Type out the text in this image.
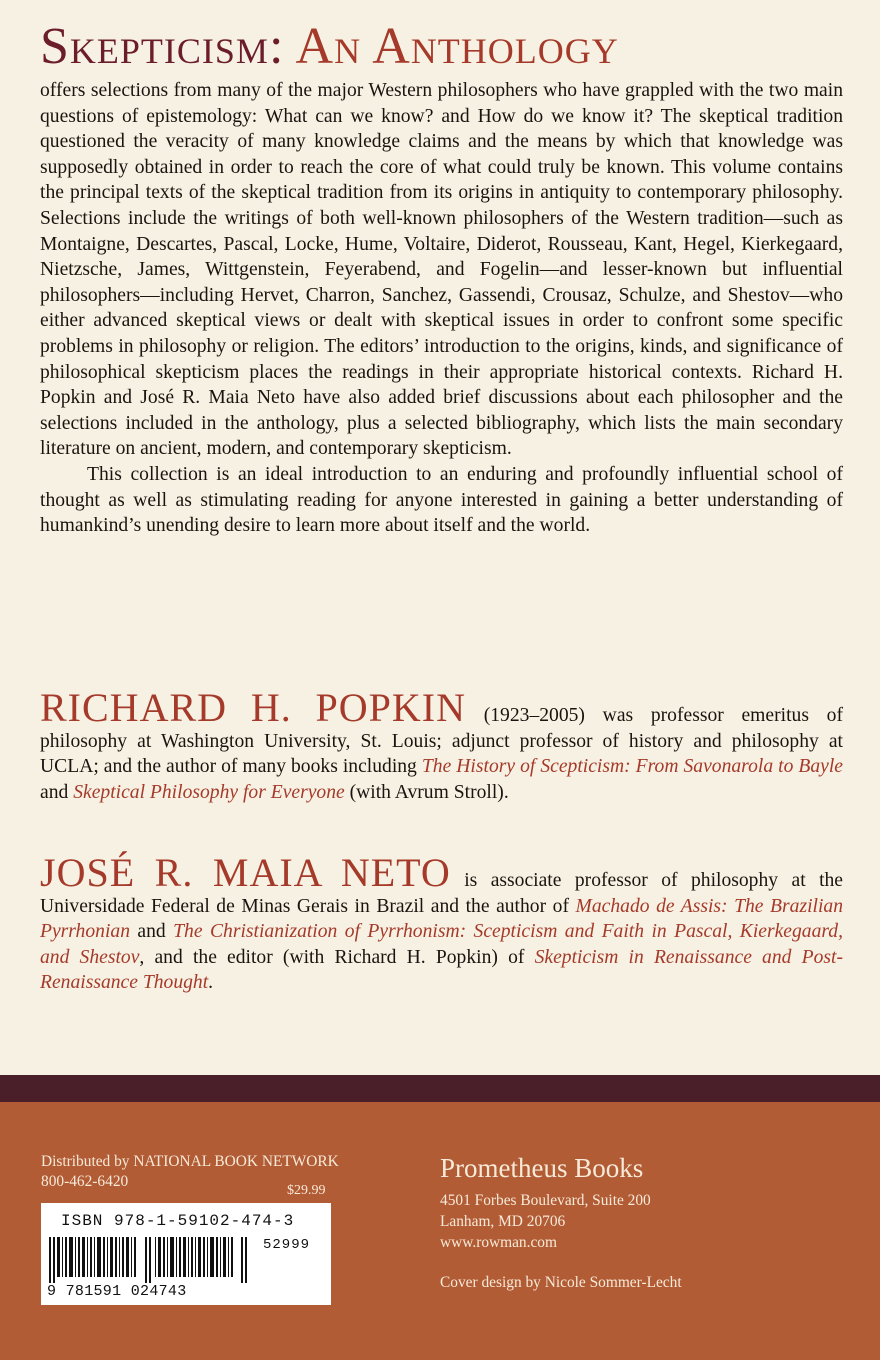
Skepticism: An Anthology

offers selections from many of the major Western philosophers who have grappled with the two main questions of epistemology: What can we know? and How do we know it? The skeptical tradition questioned the veracity of many knowledge claims and the means by which that knowledge was supposedly obtained in order to reach the core of what could truly be known. This volume contains the principal texts of the skeptical tradition from its origins in antiquity to contemporary philosophy. Selections include the writings of both well-known philosophers of the Western tradition—such as Montaigne, Descartes, Pascal, Locke, Hume, Voltaire, Diderot, Rousseau, Kant, Hegel, Kierkegaard, Nietzsche, James, Wittgenstein, Feyerabend, and Fogelin—and lesser-known but influential philosophers—including Hervet, Charron, Sanchez, Gassendi, Crousaz, Schulze, and Shestov—who either advanced skeptical views or dealt with skeptical issues in order to confront some specific problems in philosophy or religion. The editors’ introduction to the origins, kinds, and significance of philosophical skepticism places the readings in their appropriate historical contexts. Richard H. Popkin and José R. Maia Neto have also added brief discussions about each philosopher and the selections included in the anthology, plus a selected bibliography, which lists the main secondary literature on ancient, modern, and contemporary skepticism.

This collection is an ideal introduction to an enduring and profoundly influential school of thought as well as stimulating reading for anyone interested in gaining a better understanding of humankind’s unending desire to learn more about itself and the world.

RICHARD H. POPKIN (1923–2005) was professor emeritus of philosophy at Washington University, St. Louis; adjunct professor of history and philosophy at UCLA; and the author of many books including The History of Scepticism: From Savonarola to Bayle and Skeptical Philosophy for Everyone (with Avrum Stroll).
JOSÉ R. MAIA NETO is associate professor of philosophy at the Universidade Federal de Minas Gerais in Brazil and the author of Machado de Assis: The Brazilian Pyrrhonian and The Christianization of Pyrrhonism: Scepticism and Faith in Pascal, Kierkegaard, and Shestov, and the editor (with Richard H. Popkin) of Skepticism in Renaissance and Post-Renaissance Thought.
Distributed by NATIONAL BOOK NETWORK
800-462-6420
$29.99
ISBN 978-1-59102-474-3
52999
9 781591 024743
Prometheus Books
4501 Forbes Boulevard, Suite 200
Lanham, MD 20706
www.rowman.com
Cover design by Nicole Sommer-Lecht
